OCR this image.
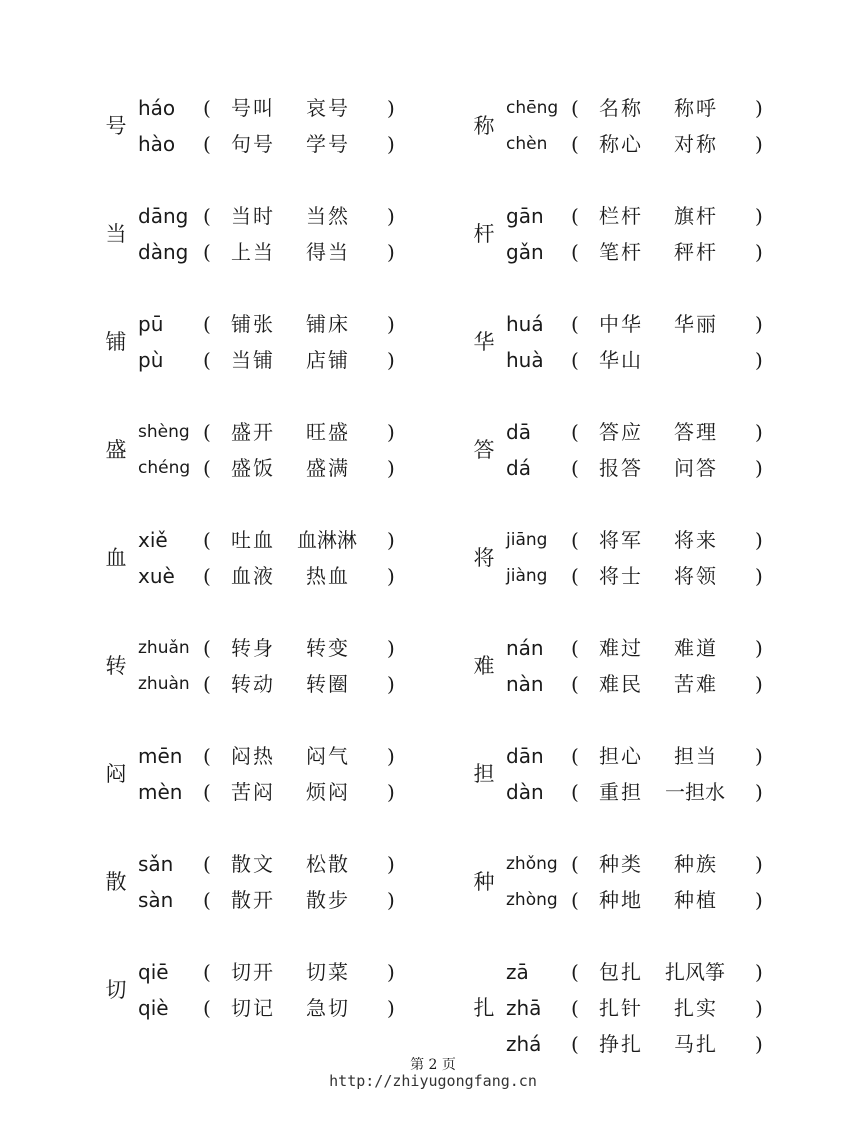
号
háo ( 号叫 哀号 )
hào ( 句号 学号 )
称
chēng ( 名称 称呼 )
chèn ( 称心 对称 )
当
dāng ( 当时 当然 )
dàng ( 上当 得当 )
杆
gān ( 栏杆 旗杆 )
gǎn ( 笔杆 秤杆 )
铺
pū ( 铺张 铺床 )
pù ( 当铺 店铺 )
华
huá ( 中华 华丽 )
huà ( 华山	)
盛
shèng ( 盛开 旺盛 )
chéng ( 盛饭 盛满 )
答
dā ( 答应 答理 )
dá ( 报答 问答 )
血
xiě ( 吐血 血淋淋 )
xuè ( 血液 热血 )
将
jiāng ( 将军 将来 )
jiàng ( 将士 将领 )
转
zhuǎn ( 转身 转变 )
zhuàn ( 转动 转圈 )
难
nán ( 难过 难道 )
nàn ( 难民 苦难 )
闷
mēn ( 闷热 闷气 )
mèn ( 苦闷 烦闷 )
担
dān ( 担心 担当 )
dàn ( 重担 一担水 )
散
sǎn ( 散文 松散 )
sàn ( 散开 散步 )
种
zhǒng ( 种类 种族 )
zhòng ( 种地 种植 )
切
qiē ( 切开 切菜 )
qiè ( 切记 急切 )	扎
zā ( 包扎 扎风筝 )
zhā ( 扎针 扎实 )
zhá ( 挣扎 马扎 )
第 2 页
http://zhiyugongfang.cn
